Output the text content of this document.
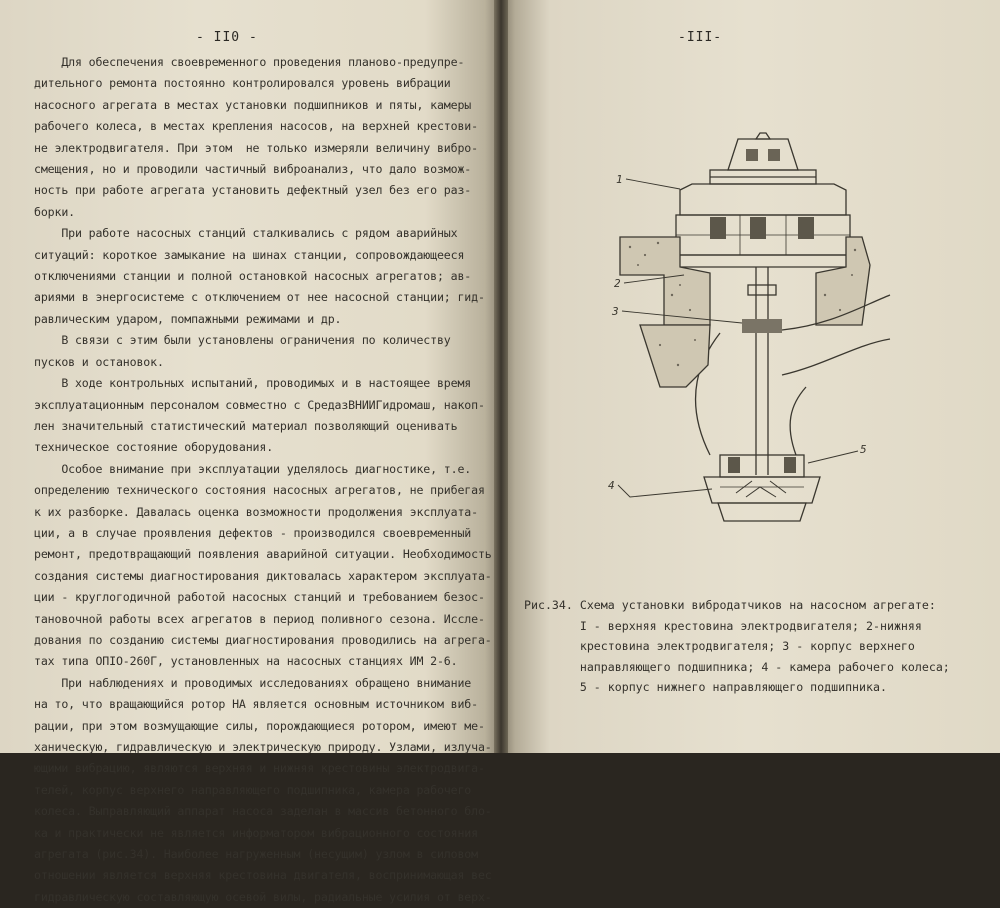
- II0 -
Для обеспечения своевременного проведения планово-предупре-
дительного ремонта постоянно контролировался уровень вибрации
насосного агрегата в местах установки подшипников и пяты, камеры
рабочего колеса, в местах крепления насосов, на верхней крестови-
не электродвигателя. При этом  не только измеряли величину вибро-
смещения, но и проводили частичный виброанализ, что дало возмож-
ность при работе агрегата установить дефектный узел без его раз-
борки.
При работе насосных станций сталкивались с рядом аварийных
ситуаций: короткое замыкание на шинах станции, сопровождающееся
отключениями станции и полной остановкой насосных агрегатов; ав-
ариями в энергосистеме с отключением от нее насосной станции; гид-
равлическим ударом, помпажными режимами и др.
В связи с этим были установлены ограничения по количеству
пусков и остановок.
В ходе контрольных испытаний, проводимых и в настоящее время
эксплуатационным персоналом совместно с СредазВНИИГидромаш, накоп-
лен значительный статистический материал позволяющий оценивать
техническое состояние оборудования.
Особое внимание при эксплуатации уделялось диагностике, т.е.
определению технического состояния насосных агрегатов, не прибегая
к их разборке. Давалась оценка возможности продолжения эксплуата-
ции, а в случае проявления дефектов - производился своевременный
ремонт, предотвращающий появления аварийной ситуации. Необходимость
создания системы диагностирования диктовалась характером эксплуата-
ции - круглогодичной работой насосных станций и требованием безос-
тановочной работы всех агрегатов в период поливного сезона. Иссле-
дования по созданию системы диагностирования проводились на агрега-
тах типа ОПIО-260Г, установленных на насосных станциях ИМ 2-6.
При наблюдениях и проводимых исследованиях обращено внимание
на то, что вращающийся ротор НА является основным источником виб-
рации, при этом возмущающие силы, порождающиеся ротором, имеют ме-
ханическую, гидравлическую и электрическую природу. Узлами, излуча-
ющими вибрацию, являются верхняя и нижняя крестовины электродвига-
телей, корпус верхнего направляющего подшипника, камера рабочего
колеса. Выправляющий аппарат насоса заделан в массив бетонного бло-
ка и практически не является информатором вибрационного состояния
агрегата (рис.34). Наиболее нагруженным (несущим) узлом в силовом
отношении является верхняя крестовина двигателя, воспринимающая вес
гидравлическую составляющую осевой вилы, радиальные усилия от верх-
-III-
1
2
3
5
4
Рис.34. Схема установки вибродатчиков на насосном агрегате:
I - верхняя крестовина электродвигателя; 2-нижняя
крестовина электродвигателя; 3 - корпус верхнего
направляющего подшипника; 4 - камера рабочего колеса;
5 - корпус нижнего направляющего подшипника.
